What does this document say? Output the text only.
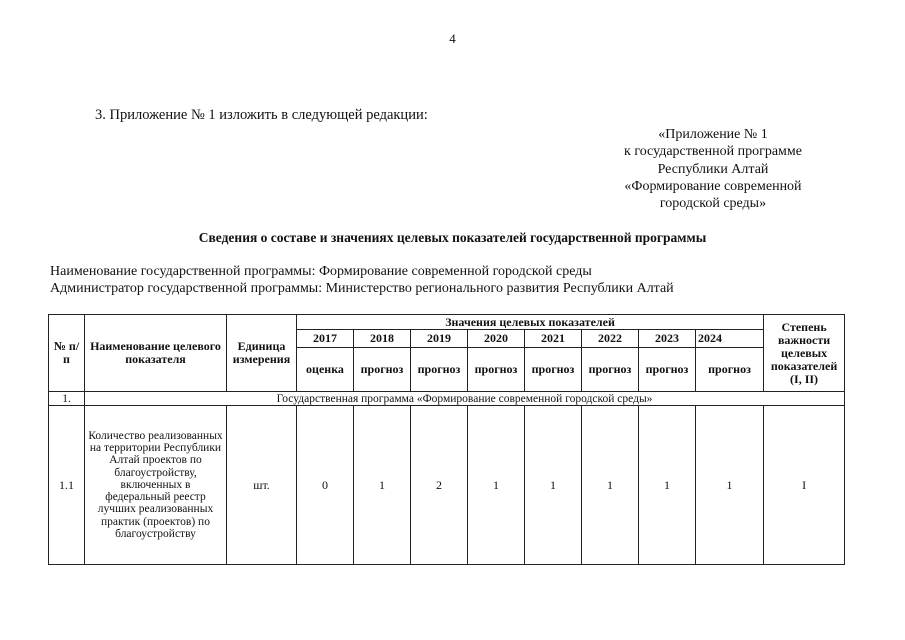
4
3. Приложение № 1 изложить в следующей редакции:
«Приложение № 1
к государственной программе
Республики Алтай
«Формирование современной
городской среды»
Сведения о составе и значениях целевых показателей государственной программы
Наименование государственной программы: Формирование современной городской среды
Администратор государственной программы: Министерство регионального развития Республики Алтай
№ п/п	Наименование целевого показателя	Единица измерения	Значения целевых показателей								Степень важности целевых показателей (I, II)
			2017	2018	2019	2020	2021	2022	2023	2024	
			оценка	прогноз	прогноз	прогноз	прогноз	прогноз	прогноз	прогноз	
1.	Государственная программа «Формирование современной городской среды»										
1.1	Количество реализованных на территории Республики Алтай проектов по благоустройству, включенных в федеральный реестр лучших реализованных практик (проектов) по благоустройству	шт.	0	1	2	1	1	1	1	1	I
